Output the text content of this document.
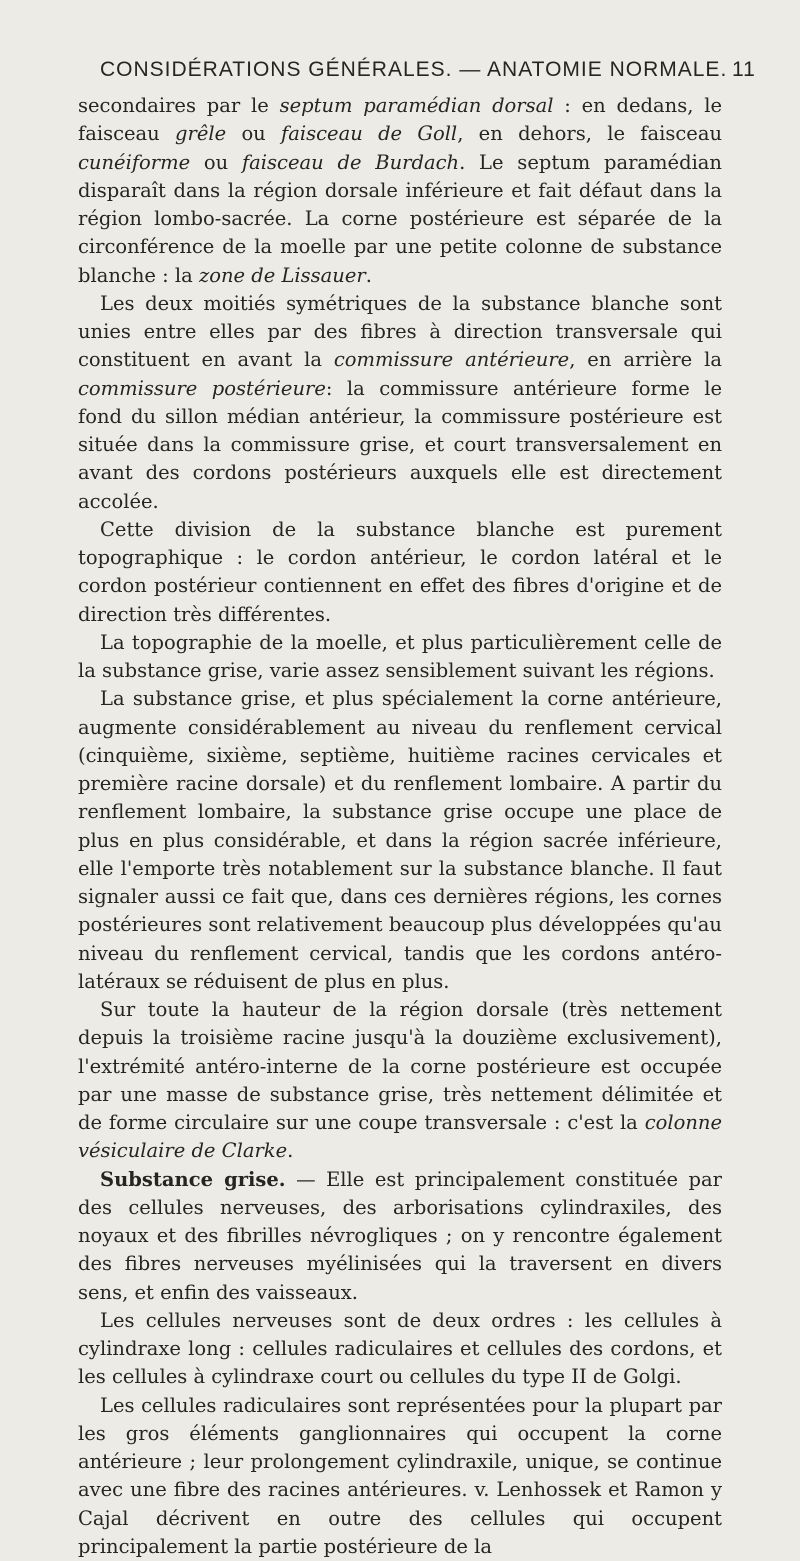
CONSIDÉRATIONS GÉNÉRALES. — ANATOMIE NORMALE. 11

secondaires par le septum paramédian dorsal : en dedans, le faisceau grêle ou faisceau de Goll, en dehors, le faisceau cunéiforme ou faisceau de Burdach. Le septum paramédian disparaît dans la région dorsale inférieure et fait défaut dans la région lombo-sacrée. La corne postérieure est séparée de la circonférence de la moelle par une petite colonne de substance blanche : la zone de Lissauer.

Les deux moitiés symétriques de la substance blanche sont unies entre elles par des fibres à direction transversale qui constituent en avant la commissure antérieure, en arrière la commissure postérieure: la commissure antérieure forme le fond du sillon médian antérieur, la commissure postérieure est située dans la commissure grise, et court transversalement en avant des cordons postérieurs auxquels elle est directement accolée.

Cette division de la substance blanche est purement topographique : le cordon antérieur, le cordon latéral et le cordon postérieur contiennent en effet des fibres d'origine et de direction très différentes.

La topographie de la moelle, et plus particulièrement celle de la substance grise, varie assez sensiblement suivant les régions.

La substance grise, et plus spécialement la corne antérieure, augmente considérablement au niveau du renflement cervical (cinquième, sixième, septième, huitième racines cervicales et première racine dorsale) et du renflement lombaire. A partir du renflement lombaire, la substance grise occupe une place de plus en plus considérable, et dans la région sacrée inférieure, elle l'emporte très notablement sur la substance blanche. Il faut signaler aussi ce fait que, dans ces dernières régions, les cornes postérieures sont relativement beaucoup plus développées qu'au niveau du renflement cervical, tandis que les cordons antéro-latéraux se réduisent de plus en plus.

Sur toute la hauteur de la région dorsale (très nettement depuis la troisième racine jusqu'à la douzième exclusivement), l'extrémité antéro-interne de la corne postérieure est occupée par une masse de substance grise, très nettement délimitée et de forme circulaire sur une coupe transversale : c'est la colonne vésiculaire de Clarke.

Substance grise. — Elle est principalement constituée par des cellules nerveuses, des arborisations cylindraxiles, des noyaux et des fibrilles névrogliques ; on y rencontre également des fibres nerveuses myélinisées qui la traversent en divers sens, et enfin des vaisseaux.

Les cellules nerveuses sont de deux ordres : les cellules à cylindraxe long : cellules radiculaires et cellules des cordons, et les cellules à cylindraxe court ou cellules du type II de Golgi.

Les cellules radiculaires sont représentées pour la plupart par les gros éléments ganglionnaires qui occupent la corne antérieure ; leur prolongement cylindraxile, unique, se continue avec une fibre des racines antérieures. v. Lenhossek et Ramon y Cajal décrivent en outre des cellules qui occupent principalement la partie postérieure de la
